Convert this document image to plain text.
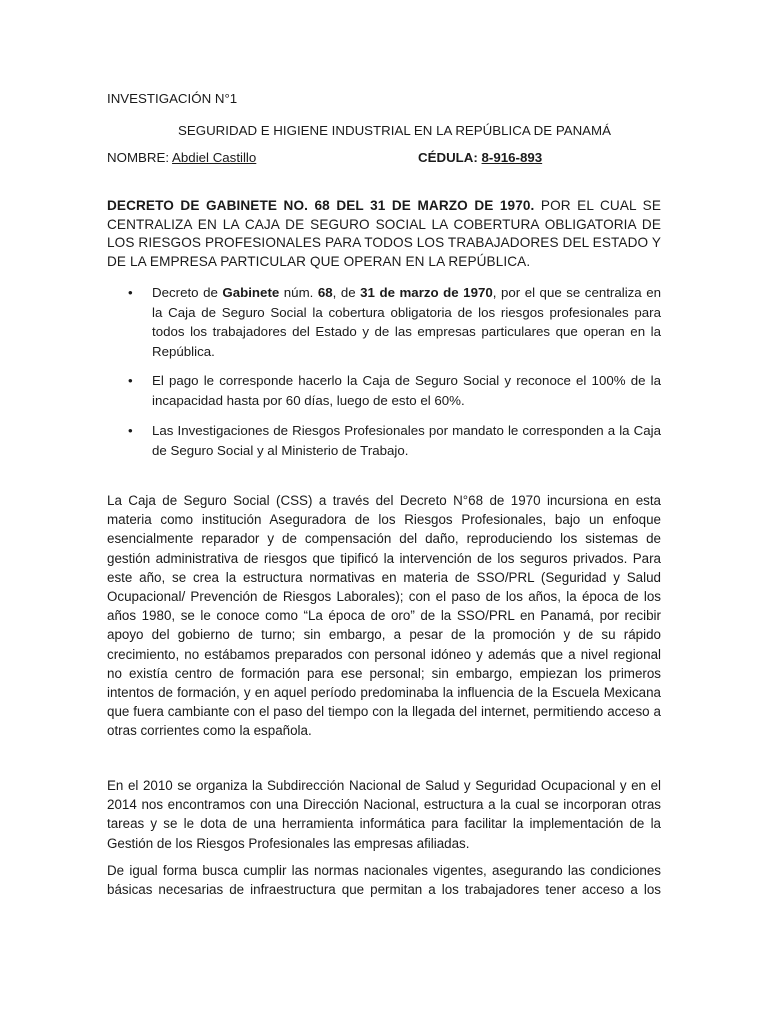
INVESTIGACIÓN N°1

SEGURIDAD E HIGIENE INDUSTRIAL EN LA REPÚBLICA DE PANAMÁ

NOMBRE: Abdiel Castillo	CÉDULA: 8-916-893

DECRETO DE GABINETE NO. 68 DEL 31 DE MARZO DE 1970. POR EL CUAL SE CENTRALIZA EN LA CAJA DE SEGURO SOCIAL LA COBERTURA OBLIGATORIA DE LOS RIESGOS PROFESIONALES PARA TODOS LOS TRABAJADORES DEL ESTADO Y DE LA EMPRESA PARTICULAR QUE OPERAN EN LA REPÚBLICA.

• Decreto de Gabinete núm. 68, de 31 de marzo de 1970, por el que se centraliza en la Caja de Seguro Social la cobertura obligatoria de los riesgos profesionales para todos los trabajadores del Estado y de las empresas particulares que operan en la República.
• El pago le corresponde hacerlo la Caja de Seguro Social y reconoce el 100% de la incapacidad hasta por 60 días, luego de esto el 60%.
• Las Investigaciones de Riesgos Profesionales por mandato le corresponden a la Caja de Seguro Social y al Ministerio de Trabajo.

La Caja de Seguro Social (CSS) a través del Decreto N°68 de 1970 incursiona en esta materia como institución Aseguradora de los Riesgos Profesionales, bajo un enfoque esencialmente reparador y de compensación del daño, reproduciendo los sistemas de gestión administrativa de riesgos que tipificó la intervención de los seguros privados. Para este año, se crea la estructura normativas en materia de SSO/PRL (Seguridad y Salud Ocupacional/ Prevención de Riesgos Laborales); con el paso de los años, la época de los años 1980, se le conoce como “La época de oro” de la SSO/PRL en Panamá, por recibir apoyo del gobierno de turno; sin embargo, a pesar de la promoción y de su rápido crecimiento, no estábamos preparados con personal idóneo y además que a nivel regional no existía centro de formación para ese personal; sin embargo, empiezan los primeros intentos de formación, y en aquel período predominaba la influencia de la Escuela Mexicana que fuera cambiante con el paso del tiempo con la llegada del internet, permitiendo acceso a otras corrientes como la española.

En el 2010 se organiza la Subdirección Nacional de Salud y Seguridad Ocupacional y en el 2014 nos encontramos con una Dirección Nacional, estructura a la cual se incorporan otras tareas y se le dota de una herramienta informática para facilitar la implementación de la Gestión de los Riesgos Profesionales las empresas afiliadas.

De igual forma busca cumplir las normas nacionales vigentes, asegurando las condiciones básicas necesarias de infraestructura que permitan a los trabajadores tener acceso a los
